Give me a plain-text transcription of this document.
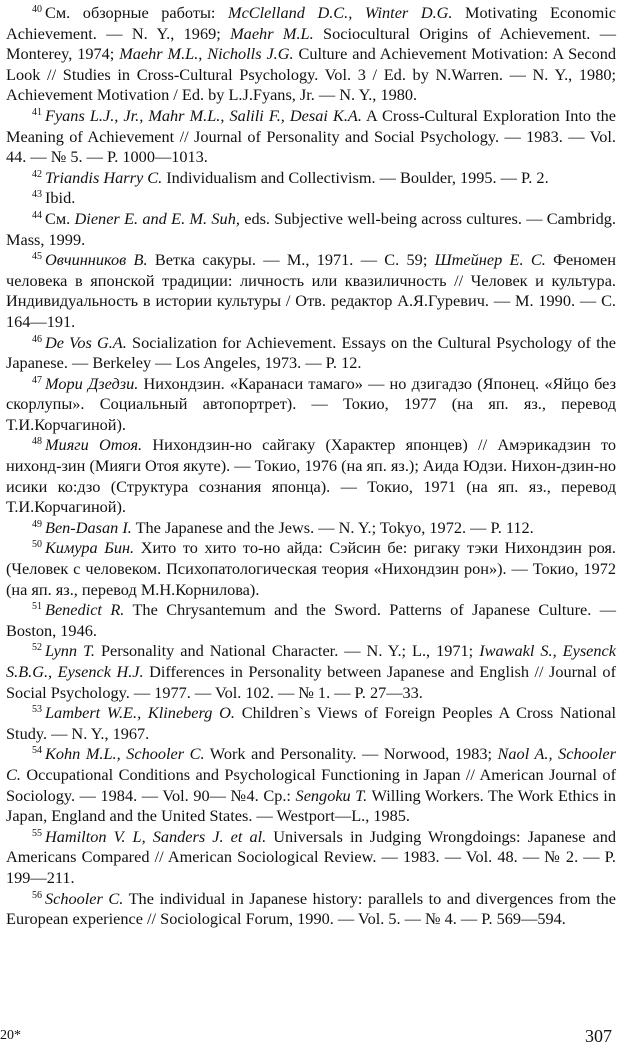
$^{40}$ См. обзорные работы: McClelland D.C., Winter D.G. Motivating Economic Achievement. — N. Y., 1969; Maehr M.L. Sociocultural Origins of Achievement. — Monterey, 1974; Maehr M.L., Nicholls J.G. Culture and Achievement Motivation: A Second Look // Studies in Cross-Cultural Psychology. Vol. 3 / Ed. by N.Warren. — N. Y., 1980; Achievement Motivation / Ed. by L.J.Fyans, Jr. — N. Y., 1980.

$^{41}$ Fyans L.J., Jr., Mahr M.L., Salili F., Desai K.A. A Cross-Cultural Exploration Into the Meaning of Achievement // Journal of Personality and Social Psychology. — 1983. — Vol. 44. — № 5. — P. 1000—1013.

$^{42}$ Triandis Harry C. Individualism and Collectivism. — Boulder, 1995. — P. 2.

$^{43}$ Ibid.

$^{44}$ См. Diener E. and E. M. Suh, eds. Subjective well-being across cultures. — Cambridg. Mass, 1999.

$^{45}$ Овчинников В. Ветка сакуры. — М., 1971. — С. 59; Штейнер Е. С. Феномен человека в японской традиции: личность или квазиличность // Человек и культура. Индивидуальность в истории культуры / Отв. редактор А.Я.Гуревич. — М. 1990. — С. 164—191.

$^{46}$ De Vos G.A. Socialization for Achievement. Essays on the Cultural Psychology of the Japanese. — Berkeley — Los Angeles, 1973. — P. 12.

$^{47}$ Мори Дзедзи. Нихондзин. «Каранаси тамаго» — но дзигадзо (Японец. «Яйцо без скорлупы». Социальный автопортрет). — Токио, 1977 (на яп. яз., перевод Т.И.Корчагиной).

$^{48}$ Мияги Отоя. Нихондзин-но сайгаку (Характер японцев) // Амэрикадзин то нихонд-зин (Мияги Отоя якуте). — Токио, 1976 (на яп. яз.); Аида Юдзи. Нихон-дзин-но исики ко:дзо (Структура сознания японца). — Токио, 1971 (на яп. яз., перевод Т.И.Корчагиной).

$^{49}$ Ben-Dasan I. The Japanese and the Jews. — N. Y.; Tokyo, 1972. — P. 112.

$^{50}$ Кимура Бин. Хито то хито то-но айда: Сэйсин бе: ригаку тэки Нихондзин роя. (Человек с человеком. Психопатологическая теория «Нихондзин рон»). — Токио, 1972 (на яп. яз., перевод М.Н.Корнилова).

$^{51}$ Benedict R. The Chrysantemum and the Sword. Patterns of Japanese Culture. — Boston, 1946.

$^{52}$ Lynn T. Personality and National Character. — N. Y.; L., 1971; Iwawakl S., Eysenck S.B.G., Eysenck H.J. Differences in Personality between Japanese and English // Journal of Social Psychology. — 1977. — Vol. 102. — № 1. — P. 27—33.

$^{53}$ Lambert W.E., Klineberg O. Children`s Views of Foreign Peoples A Cross National Study. — N. Y., 1967.

$^{54}$ Kohn M.L., Schooler C. Work and Personality. — Norwood, 1983; Naol A., Schooler C. Occupational Conditions and Psychological Functioning in Japan // American Journal of Sociology. — 1984. — Vol. 90— №4. Cp.: Sengoku T. Willing Workers. The Work Ethics in Japan, England and the United States. — Westport—L., 1985.

$^{55}$ Hamilton V. L, Sanders J. et al. Universals in Judging Wrongdoings: Japanese and Americans Compared // American Sociological Review. — 1983. — Vol. 48. — № 2. — P. 199—211.

$^{56}$ Schooler C. The individual in Japanese history: parallels to and divergences from the European experience // Sociological Forum, 1990. — Vol. 5. — № 4. — P. 569—594.

20*	307
